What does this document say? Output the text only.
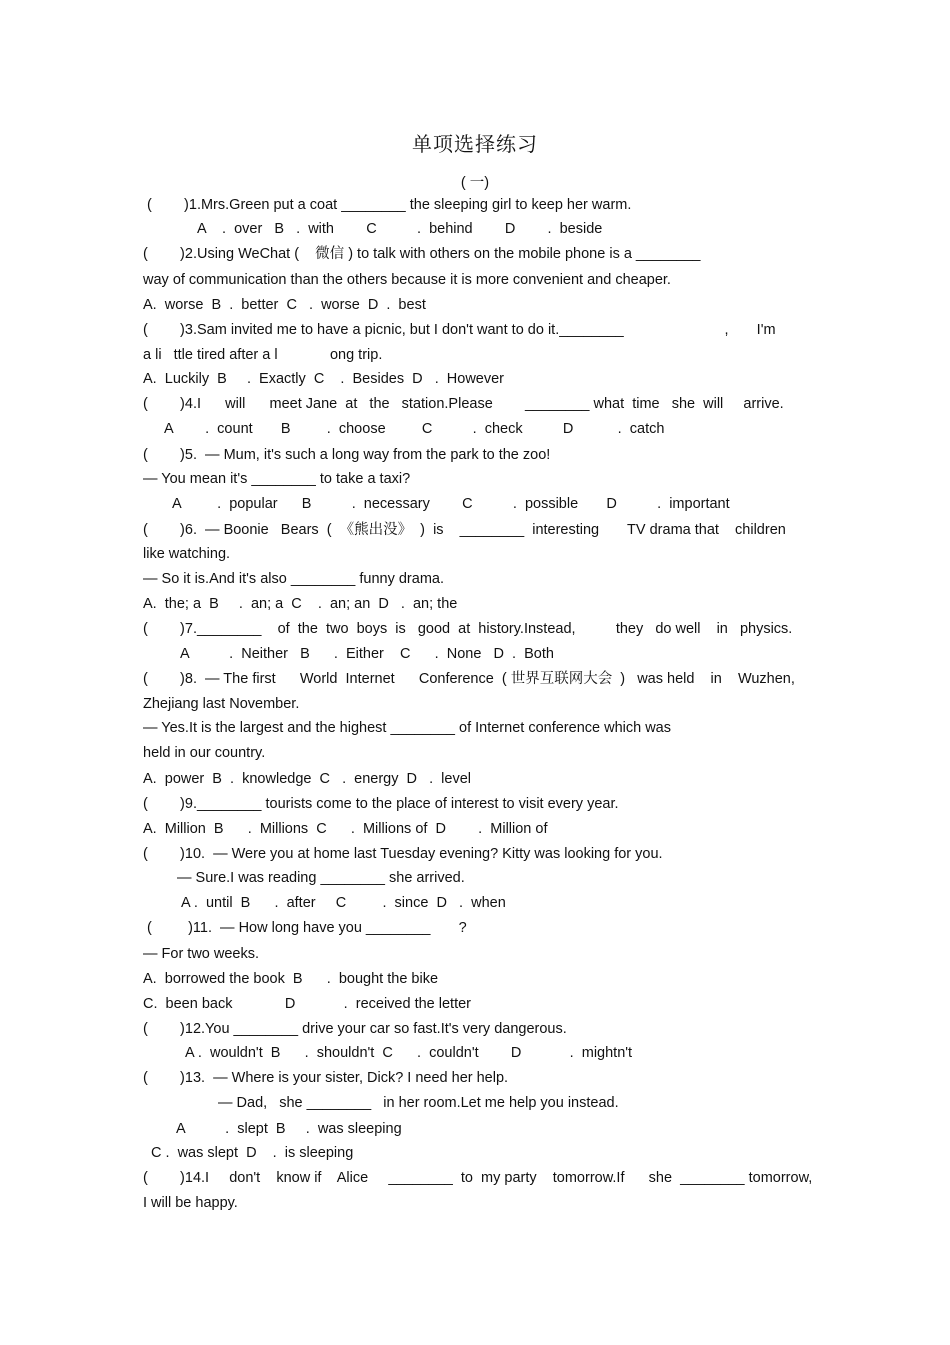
单项选择练习
( 一)
(        )1.Mrs.Green put a coat ________ the sleeping girl to keep her warm.
A    .  over   B   .  with        C          .  behind        D        .  beside
(        )2.Using WeChat (    微信 ) to talk with others on the mobile phone is a ________
way of communication than the others because it is more convenient and cheaper.
A.  worse  B  .  better  C   .  worse  D  .  best
(        )3.Sam invited me to have a picnic, but I don't want to do it.________                         ,       I'm
a li   ttle tired after a l             ong trip.
A.  Luckily  B     .  Exactly  C    .  Besides  D   .  However
(        )4.I      will      meet Jane  at   the   station.Please        ________ what  time   she  will     arrive.
A        .  count       B         .  choose         C          .  check          D           .  catch
(        )5.  — Mum, it's such a long way from the park to the zoo!
— You mean it's ________ to take a taxi?
A         .  popular      B          .  necessary        C          .  possible       D          .  important
(        )6.  — Boonie   Bears  (  《熊出没》  )  is    ________  interesting       TV drama that    children
like watching.
— So it is.And it's also ________ funny drama.
A.  the; a  B     .  an; a  C    .  an; an  D   .  an; the
(        )7.________    of  the  two  boys  is   good  at  history.Instead,          they   do well    in   physics.
A          .  Neither   B      .  Either    C      .  None   D  .  Both
(        )8.  — The first      World  Internet      Conference  ( 世界互联网大会  )   was held    in    Wuzhen,
Zhejiang last November.
— Yes.It is the largest and the highest ________ of Internet conference which was
held in our country.
A.  power  B  .  knowledge  C   .  energy  D   .  level
(        )9.________ tourists come to the place of interest to visit every year.
A.  Million  B      .  Millions  C      .  Millions of  D        .  Million of
(        )10.  — Were you at home last Tuesday evening? Kitty was looking for you.
— Sure.I was reading ________ she arrived.
A .  until  B      .  after     C         .  since  D   .  when
(         )11.  — How long have you ________       ?
— For two weeks.
A.  borrowed the book  B      .  bought the bike
C.  been back             D            .  received the letter
(        )12.You ________ drive your car so fast.It's very dangerous.
A .  wouldn't  B      .  shouldn't  C      .  couldn't        D            .  mightn't
(        )13.  — Where is your sister, Dick? I need her help.
— Dad,   she ________   in her room.Let me help you instead.
A          .  slept  B     .  was sleeping
C .  was slept  D    .  is sleeping
(        )14.I     don't    know if    Alice     ________  to  my party    tomorrow.If      she  ________ tomorrow,
I will be happy.
